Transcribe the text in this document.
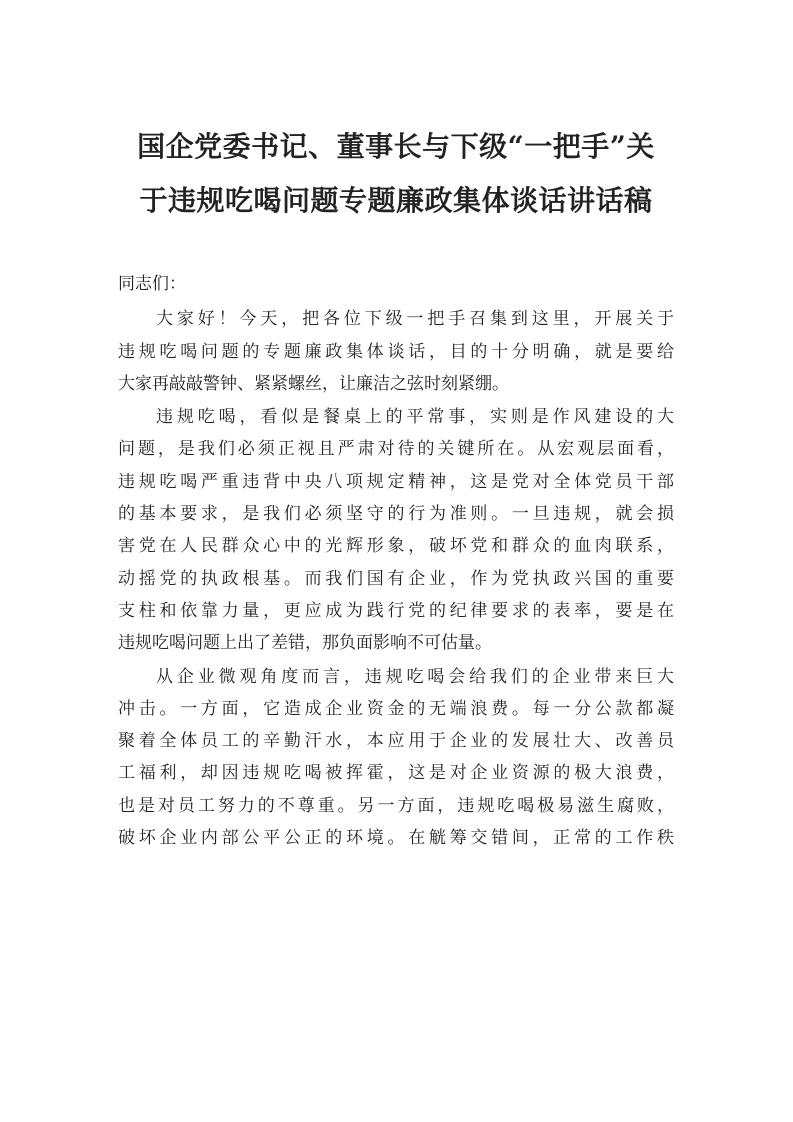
国企党委书记、董事长与下级“一把手”关
于违规吃喝问题专题廉政集体谈话讲话稿

同志们：

大家好！今天，把各位下级一把手召集到这里，开展关于
违规吃喝问题的专题廉政集体谈话，目的十分明确，就是要给
大家再敲敲警钟、紧紧螺丝，让廉洁之弦时刻紧绷。

违规吃喝，看似是餐桌上的平常事，实则是作风建设的大
问题，是我们必须正视且严肃对待的关键所在。从宏观层面看，
违规吃喝严重违背中央八项规定精神，这是党对全体党员干部
的基本要求，是我们必须坚守的行为准则。一旦违规，就会损
害党在人民群众心中的光辉形象，破坏党和群众的血肉联系，
动摇党的执政根基。而我们国有企业，作为党执政兴国的重要
支柱和依靠力量，更应成为践行党的纪律要求的表率，要是在
违规吃喝问题上出了差错，那负面影响不可估量。

从企业微观角度而言，违规吃喝会给我们的企业带来巨大
冲击。一方面，它造成企业资金的无端浪费。每一分公款都凝
聚着全体员工的辛勤汗水，本应用于企业的发展壮大、改善员
工福利，却因违规吃喝被挥霍，这是对企业资源的极大浪费，
也是对员工努力的不尊重。另一方面，违规吃喝极易滋生腐败，
破坏企业内部公平公正的环境。在觥筹交错间，正常的工作秩
